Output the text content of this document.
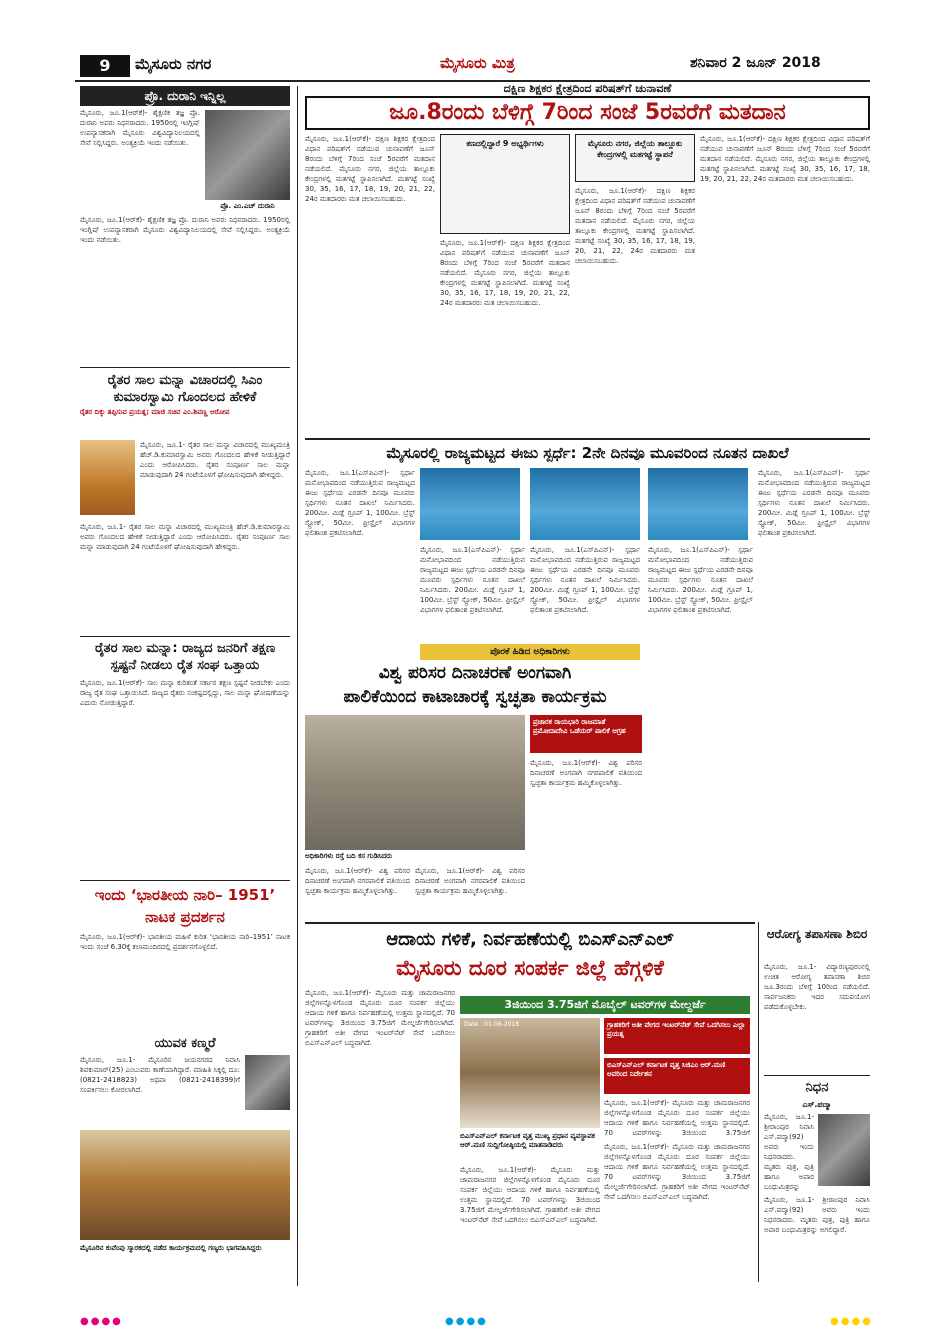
9	ಮೈಸೂರು ನಗರ	ಮೈಸೂರು ಮಿತ್ರ	ಶನಿವಾರ 2 ಜೂನ್ 2018
ಪ್ರೊ. ದುರಾನಿ ಇನ್ನಿಲ್ಲ
ಮೈಸೂರು, ಜೂ.1(ಆರ್‌ಕೆ)- ಶೈಕ್ಷಣಿಕ ತಜ್ಞ ಪ್ರೊ. ದುರಾನಿ ಅವರು ನಿಧನರಾದರು. 1950ರಲ್ಲಿ ಇಂಗ್ಲಿಷ್ ಉಪನ್ಯಾಸಕರಾಗಿ ಮೈಸೂರು ವಿಶ್ವವಿದ್ಯಾನಿಲಯದಲ್ಲಿ ಸೇವೆ ಸಲ್ಲಿಸಿದ್ದರು. ಅಂತ್ಯಕ್ರಿಯೆ ಇಂದು ನಡೆಯಿತು.
ಪ್ರೊ. ಎಂ.ಎಚ್ ದುರಾನಿ
ಮೈಸೂರು, ಜೂ.1(ಆರ್‌ಕೆ)- ಶೈಕ್ಷಣಿಕ ತಜ್ಞ ಪ್ರೊ. ದುರಾನಿ ಅವರು ನಿಧನರಾದರು. 1950ರಲ್ಲಿ ಇಂಗ್ಲಿಷ್ ಉಪನ್ಯಾಸಕರಾಗಿ ಮೈಸೂರು ವಿಶ್ವವಿದ್ಯಾನಿಲಯದಲ್ಲಿ ಸೇವೆ ಸಲ್ಲಿಸಿದ್ದರು. ಅಂತ್ಯಕ್ರಿಯೆ ಇಂದು ನಡೆಯಿತು.
ರೈತರ ಸಾಲ ಮನ್ನಾ ವಿಚಾರದಲ್ಲಿ ಸಿಎಂ ಕುಮಾರಸ್ವಾಮಿ ಗೊಂದಲದ ಹೇಳಿಕೆ
ರೈತರ ದಿಕ್ಕು ತಪ್ಪಿಸುವ ಪ್ರಯತ್ನ; ಮಾಜಿ ಸಚಿವ ಎಂ.ಶಿವಣ್ಣ ಆರೋಪ
ಮೈಸೂರು, ಜೂ.1- ರೈತರ ಸಾಲ ಮನ್ನಾ ವಿಚಾರದಲ್ಲಿ ಮುಖ್ಯಮಂತ್ರಿ ಹೆಚ್.ಡಿ.ಕುಮಾರಸ್ವಾಮಿ ಅವರು ಗೊಂದಲದ ಹೇಳಿಕೆ ನೀಡುತ್ತಿದ್ದಾರೆ ಎಂದು ಆರೋಪಿಸಿದರು. ರೈತರ ಸಂಪೂರ್ಣ ಸಾಲ ಮನ್ನಾ ಮಾಡುವುದಾಗಿ 24 ಗಂಟೆಯೊಳಗೆ ಘೋಷಿಸುವುದಾಗಿ ಹೇಳಿದ್ದರು.
ಮೈಸೂರು, ಜೂ.1- ರೈತರ ಸಾಲ ಮನ್ನಾ ವಿಚಾರದಲ್ಲಿ ಮುಖ್ಯಮಂತ್ರಿ ಹೆಚ್.ಡಿ.ಕುಮಾರಸ್ವಾಮಿ ಅವರು ಗೊಂದಲದ ಹೇಳಿಕೆ ನೀಡುತ್ತಿದ್ದಾರೆ ಎಂದು ಆರೋಪಿಸಿದರು. ರೈತರ ಸಂಪೂರ್ಣ ಸಾಲ ಮನ್ನಾ ಮಾಡುವುದಾಗಿ 24 ಗಂಟೆಯೊಳಗೆ ಘೋಷಿಸುವುದಾಗಿ ಹೇಳಿದ್ದರು.
ರೈತರ ಸಾಲ ಮನ್ನಾ: ರಾಜ್ಯದ ಜನರಿಗೆ ತಕ್ಷಣ ಸ್ಪಷ್ಟನೆ ನೀಡಲು ರೈತ ಸಂಘ ಒತ್ತಾಯ
ಮೈಸೂರು, ಜೂ.1(ಆರ್‌ಕೆ)- ಸಾಲ ಮನ್ನಾ ಕುರಿತಂತೆ ಸರ್ಕಾರ ತಕ್ಷಣ ಸ್ಪಷ್ಟನೆ ನೀಡಬೇಕು ಎಂದು ರಾಜ್ಯ ರೈತ ಸಂಘ ಒತ್ತಾಯಿಸಿದೆ. ರಾಜ್ಯದ ರೈತರು ಸಂಕಷ್ಟದಲ್ಲಿದ್ದು, ಸಾಲ ಮನ್ನಾ ಘೋಷಣೆಯನ್ನು ಎದುರು ನೋಡುತ್ತಿದ್ದಾರೆ.
ಇಂದು ‘ಭಾರತೀಯ ನಾರಿ– 1951’ ನಾಟಕ ಪ್ರದರ್ಶನ
ಮೈಸೂರು, ಜೂ.1(ಆರ್‌ಕೆ)- ಭಾರತೀಯ ಮಹಿಳೆ ಕುರಿತ ‘ಭಾರತೀಯ ನಾರಿ–1951’ ನಾಟಕ ಇಂದು ಸಂಜೆ 6.30ಕ್ಕೆ ಕಲಾಮಂದಿರದಲ್ಲಿ ಪ್ರದರ್ಶನಗೊಳ್ಳಲಿದೆ.
ಯುವಕ ಕಣ್ಮರೆ
ಮೈಸೂರು, ಜೂ.1- ಮೈಸೂರಿನ ಜಯನಗರದ ನಿವಾಸಿ ಶಿವಕುಮಾರ್(25) ಎಂಬುವರು ಕಾಣೆಯಾಗಿದ್ದಾರೆ. ಮಾಹಿತಿ ಸಿಕ್ಕಲ್ಲಿ ದೂ: (0821-2418823) ಅಥವಾ (0821-2418399)ಗೆ ಸಂಪರ್ಕಿಸಲು ಕೋರಲಾಗಿದೆ.
ಮೈಸೂರಿನ ಕುವೆಂಪು ಸ್ಮಾರಕದಲ್ಲಿ ನಡೆದ ಕಾರ್ಯಕ್ರಮದಲ್ಲಿ ಗಣ್ಯರು ಭಾಗವಹಿಸಿದ್ದರು
ದಕ್ಷಿಣ ಶಿಕ್ಷಕರ ಕ್ಷೇತ್ರದಿಂದ ಪರಿಷತ್‌ಗೆ ಚುನಾವಣೆ
ಜೂ.8ರಂದು ಬೆಳಿಗ್ಗೆ 7ರಿಂದ ಸಂಜೆ 5ರವರೆಗೆ ಮತದಾನ
ಕಣದಲ್ಲಿದ್ದಾರೆ 9 ಅಭ್ಯರ್ಥಿಗಳು	ಮೈಸೂರು ನಗರ, ಜಿಲ್ಲೆಯ ತಾಲ್ಲೂಕು ಕೇಂದ್ರಗಳಲ್ಲಿ ಮತಗಟ್ಟೆ ಸ್ಥಾಪನೆ
ಮೈಸೂರು, ಜೂ.1(ಆರ್‌ಕೆ)- ದಕ್ಷಿಣ ಶಿಕ್ಷಕರ ಕ್ಷೇತ್ರದಿಂದ ವಿಧಾನ ಪರಿಷತ್‌ಗೆ ನಡೆಯುವ ಚುನಾವಣೆಗೆ ಜೂನ್ 8ರಂದು ಬೆಳಿಗ್ಗೆ 7ರಿಂದ ಸಂಜೆ 5ರವರೆಗೆ ಮತದಾನ ನಡೆಯಲಿದೆ. ಮೈಸೂರು ನಗರ, ಜಿಲ್ಲೆಯ ತಾಲ್ಲೂಕು ಕೇಂದ್ರಗಳಲ್ಲಿ ಮತಗಟ್ಟೆ ಸ್ಥಾಪಿಸಲಾಗಿದೆ. ಮತಗಟ್ಟೆ ಸಂಖ್ಯೆ 30, 35, 16, 17, 18, 19, 20, 21, 22, 24ರ ಮತದಾರರು ಮತ ಚಲಾಯಿಸಬಹುದು.
ಮೈಸೂರು, ಜೂ.1(ಆರ್‌ಕೆ)- ದಕ್ಷಿಣ ಶಿಕ್ಷಕರ ಕ್ಷೇತ್ರದಿಂದ ವಿಧಾನ ಪರಿಷತ್‌ಗೆ ನಡೆಯುವ ಚುನಾವಣೆಗೆ ಜೂನ್ 8ರಂದು ಬೆಳಿಗ್ಗೆ 7ರಿಂದ ಸಂಜೆ 5ರವರೆಗೆ ಮತದಾನ ನಡೆಯಲಿದೆ. ಮೈಸೂರು ನಗರ, ಜಿಲ್ಲೆಯ ತಾಲ್ಲೂಕು ಕೇಂದ್ರಗಳಲ್ಲಿ ಮತಗಟ್ಟೆ ಸ್ಥಾಪಿಸಲಾಗಿದೆ. ಮತಗಟ್ಟೆ ಸಂಖ್ಯೆ 30, 35, 16, 17, 18, 19, 20, 21, 22, 24ರ ಮತದಾರರು ಮತ ಚಲಾಯಿಸಬಹುದು.
ಮೈಸೂರು, ಜೂ.1(ಆರ್‌ಕೆ)- ದಕ್ಷಿಣ ಶಿಕ್ಷಕರ ಕ್ಷೇತ್ರದಿಂದ ವಿಧಾನ ಪರಿಷತ್‌ಗೆ ನಡೆಯುವ ಚುನಾವಣೆಗೆ ಜೂನ್ 8ರಂದು ಬೆಳಿಗ್ಗೆ 7ರಿಂದ ಸಂಜೆ 5ರವರೆಗೆ ಮತದಾನ ನಡೆಯಲಿದೆ. ಮೈಸೂರು ನಗರ, ಜಿಲ್ಲೆಯ ತಾಲ್ಲೂಕು ಕೇಂದ್ರಗಳಲ್ಲಿ ಮತಗಟ್ಟೆ ಸ್ಥಾಪಿಸಲಾಗಿದೆ. ಮತಗಟ್ಟೆ ಸಂಖ್ಯೆ 30, 35, 16, 17, 18, 19, 20, 21, 22, 24ರ ಮತದಾರರು ಮತ ಚಲಾಯಿಸಬಹುದು.
ಮೈಸೂರು, ಜೂ.1(ಆರ್‌ಕೆ)- ದಕ್ಷಿಣ ಶಿಕ್ಷಕರ ಕ್ಷೇತ್ರದಿಂದ ವಿಧಾನ ಪರಿಷತ್‌ಗೆ ನಡೆಯುವ ಚುನಾವಣೆಗೆ ಜೂನ್ 8ರಂದು ಬೆಳಿಗ್ಗೆ 7ರಿಂದ ಸಂಜೆ 5ರವರೆಗೆ ಮತದಾನ ನಡೆಯಲಿದೆ. ಮೈಸೂರು ನಗರ, ಜಿಲ್ಲೆಯ ತಾಲ್ಲೂಕು ಕೇಂದ್ರಗಳಲ್ಲಿ ಮತಗಟ್ಟೆ ಸ್ಥಾಪಿಸಲಾಗಿದೆ. ಮತಗಟ್ಟೆ ಸಂಖ್ಯೆ 30, 35, 16, 17, 18, 19, 20, 21, 22, 24ರ ಮತದಾರರು ಮತ ಚಲಾಯಿಸಬಹುದು.
ಮೈಸೂರಲ್ಲಿ ರಾಜ್ಯಮಟ್ಟದ ಈಜು ಸ್ಪರ್ಧೆ: 2ನೇ ದಿನವೂ ಮೂವರಿಂದ ನೂತನ ದಾಖಲೆ
ಮೈಸೂರು, ಜೂ.1(ಎಸ್‌ಪಿಎನ್)- ಸ್ಪರ್ಧಾ ಮನೋಭಾವದಿಂದ ನಡೆಯುತ್ತಿರುವ ರಾಜ್ಯಮಟ್ಟದ ಈಜು ಸ್ಪರ್ಧೆಯ ಎರಡನೇ ದಿನವೂ ಮೂವರು ಸ್ಪರ್ಧಿಗಳು ನೂತನ ದಾಖಲೆ ನಿರ್ಮಿಸಿದರು. 200ಮೀ. ಮಿಡ್ಲೆ ಗ್ರೂಪ್ 1, 100ಮೀ. ಬ್ರೆಸ್ಟ್ ಸ್ಟ್ರೋಕ್, 50ಮೀ. ಫ್ರೀಸ್ಟೈಲ್ ವಿಭಾಗಗಳ ಫಲಿತಾಂಶ ಪ್ರಕಟಿಸಲಾಗಿದೆ.
ಮೈಸೂರು, ಜೂ.1(ಎಸ್‌ಪಿಎನ್)- ಸ್ಪರ್ಧಾ ಮನೋಭಾವದಿಂದ ನಡೆಯುತ್ತಿರುವ ರಾಜ್ಯಮಟ್ಟದ ಈಜು ಸ್ಪರ್ಧೆಯ ಎರಡನೇ ದಿನವೂ ಮೂವರು ಸ್ಪರ್ಧಿಗಳು ನೂತನ ದಾಖಲೆ ನಿರ್ಮಿಸಿದರು. 200ಮೀ. ಮಿಡ್ಲೆ ಗ್ರೂಪ್ 1, 100ಮೀ. ಬ್ರೆಸ್ಟ್ ಸ್ಟ್ರೋಕ್, 50ಮೀ. ಫ್ರೀಸ್ಟೈಲ್ ವಿಭಾಗಗಳ ಫಲಿತಾಂಶ ಪ್ರಕಟಿಸಲಾಗಿದೆ.
ಮೈಸೂರು, ಜೂ.1(ಎಸ್‌ಪಿಎನ್)- ಸ್ಪರ್ಧಾ ಮನೋಭಾವದಿಂದ ನಡೆಯುತ್ತಿರುವ ರಾಜ್ಯಮಟ್ಟದ ಈಜು ಸ್ಪರ್ಧೆಯ ಎರಡನೇ ದಿನವೂ ಮೂವರು ಸ್ಪರ್ಧಿಗಳು ನೂತನ ದಾಖಲೆ ನಿರ್ಮಿಸಿದರು. 200ಮೀ. ಮಿಡ್ಲೆ ಗ್ರೂಪ್ 1, 100ಮೀ. ಬ್ರೆಸ್ಟ್ ಸ್ಟ್ರೋಕ್, 50ಮೀ. ಫ್ರೀಸ್ಟೈಲ್ ವಿಭಾಗಗಳ ಫಲಿತಾಂಶ ಪ್ರಕಟಿಸಲಾಗಿದೆ.
ಮೈಸೂರು, ಜೂ.1(ಎಸ್‌ಪಿಎನ್)- ಸ್ಪರ್ಧಾ ಮನೋಭಾವದಿಂದ ನಡೆಯುತ್ತಿರುವ ರಾಜ್ಯಮಟ್ಟದ ಈಜು ಸ್ಪರ್ಧೆಯ ಎರಡನೇ ದಿನವೂ ಮೂವರು ಸ್ಪರ್ಧಿಗಳು ನೂತನ ದಾಖಲೆ ನಿರ್ಮಿಸಿದರು. 200ಮೀ. ಮಿಡ್ಲೆ ಗ್ರೂಪ್ 1, 100ಮೀ. ಬ್ರೆಸ್ಟ್ ಸ್ಟ್ರೋಕ್, 50ಮೀ. ಫ್ರೀಸ್ಟೈಲ್ ವಿಭಾಗಗಳ ಫಲಿತಾಂಶ ಪ್ರಕಟಿಸಲಾಗಿದೆ.
ಮೈಸೂರು, ಜೂ.1(ಎಸ್‌ಪಿಎನ್)- ಸ್ಪರ್ಧಾ ಮನೋಭಾವದಿಂದ ನಡೆಯುತ್ತಿರುವ ರಾಜ್ಯಮಟ್ಟದ ಈಜು ಸ್ಪರ್ಧೆಯ ಎರಡನೇ ದಿನವೂ ಮೂವರು ಸ್ಪರ್ಧಿಗಳು ನೂತನ ದಾಖಲೆ ನಿರ್ಮಿಸಿದರು. 200ಮೀ. ಮಿಡ್ಲೆ ಗ್ರೂಪ್ 1, 100ಮೀ. ಬ್ರೆಸ್ಟ್ ಸ್ಟ್ರೋಕ್, 50ಮೀ. ಫ್ರೀಸ್ಟೈಲ್ ವಿಭಾಗಗಳ ಫಲಿತಾಂಶ ಪ್ರಕಟಿಸಲಾಗಿದೆ.
ಪೊರಕೆ ಹಿಡಿದ ಅಧಿಕಾರಿಗಳು
ವಿಶ್ವ ಪರಿಸರ ದಿನಾಚರಣೆ ಅಂಗವಾಗಿ
ಪಾಲಿಕೆಯಿಂದ ಕಾಟಾಚಾರಕ್ಕೆ ಸ್ವಚ್ಛತಾ ಕಾರ್ಯಕ್ರಮ
ಪ್ರಚಾರಕ ರಾಯಭಾರಿ ರಾಜಮಾತೆ ಪ್ರಮೋದಾದೇವಿ ಒಡೆಯರ್ ಪಾಲಿಕೆ ಆಗ್ರಹ
ಮೈಸೂರು, ಜೂ.1(ಆರ್‌ಕೆ)- ವಿಶ್ವ ಪರಿಸರ ದಿನಾಚರಣೆ ಅಂಗವಾಗಿ ನಗರಪಾಲಿಕೆ ವತಿಯಿಂದ ಸ್ವಚ್ಛತಾ ಕಾರ್ಯಕ್ರಮ ಹಮ್ಮಿಕೊಳ್ಳಲಾಗಿತ್ತು.
ಅಧಿಕಾರಿಗಳು ರಸ್ತೆ ಬದಿ ಕಸ ಗುಡಿಸಿದರು
ಮೈಸೂರು, ಜೂ.1(ಆರ್‌ಕೆ)- ವಿಶ್ವ ಪರಿಸರ ದಿನಾಚರಣೆ ಅಂಗವಾಗಿ ನಗರಪಾಲಿಕೆ ವತಿಯಿಂದ ಸ್ವಚ್ಛತಾ ಕಾರ್ಯಕ್ರಮ ಹಮ್ಮಿಕೊಳ್ಳಲಾಗಿತ್ತು.
ಮೈಸೂರು, ಜೂ.1(ಆರ್‌ಕೆ)- ವಿಶ್ವ ಪರಿಸರ ದಿನಾಚರಣೆ ಅಂಗವಾಗಿ ನಗರಪಾಲಿಕೆ ವತಿಯಿಂದ ಸ್ವಚ್ಛತಾ ಕಾರ್ಯಕ್ರಮ ಹಮ್ಮಿಕೊಳ್ಳಲಾಗಿತ್ತು.
ಆದಾಯ ಗಳಿಕೆ, ನಿರ್ವಹಣೆಯಲ್ಲಿ ಬಿಎಸ್‌ಎನ್‌ಎಲ್
ಮೈಸೂರು ದೂರ ಸಂಪರ್ಕ ಜಿಲ್ಲೆ ಹೆಗ್ಗಳಿಕೆ
ಮೈಸೂರು, ಜೂ.1(ಆರ್‌ಕೆ)- ಮೈಸೂರು ಮತ್ತು ಚಾಮರಾಜನಗರ ಜಿಲ್ಲೆಗಳನ್ನೊಳಗೊಂಡ ಮೈಸೂರು ದೂರ ಸಂಪರ್ಕ ಜಿಲ್ಲೆಯು ಆದಾಯ ಗಳಿಕೆ ಹಾಗೂ ನಿರ್ವಹಣೆಯಲ್ಲಿ ಉತ್ತಮ ಸ್ಥಾನದಲ್ಲಿದೆ. 70 ಟವರ್‌ಗಳನ್ನು 3ಜಿಯಿಂದ 3.75ಜಿಗೆ ಮೇಲ್ದರ್ಜೆಗೇರಿಸಲಾಗಿದೆ. ಗ್ರಾಹಕರಿಗೆ ಅತೀ ವೇಗದ ಇಂಟರ್‌ನೆಟ್ ಸೇವೆ ಒದಗಿಸಲು ಬಿಎಸ್‌ಎನ್‌ಎಲ್ ಬದ್ಧವಾಗಿದೆ.
3ಜಿಯಿಂದ 3.75ಜಿಗೆ ಮೊಬೈಲ್ ಟವರ್‌ಗಳ ಮೇಲ್ದರ್ಜೆ
Date : 01-06-2018	ಗ್ರಾಹಕರಿಗೆ ಅತೀ ವೇಗದ ಇಂಟರ್‌ನೆಟ್ ಸೇವೆ ಒದಗಿಸಲು ಎಲ್ಲಾ ಪ್ರಯತ್ನ
ಬಿಎಸ್‌ಎನ್‌ಎಲ್ ಕರ್ನಾಟಕ ವೃತ್ತ ಸಿಜಿಎಂ ಆರ್.ಮಣಿ ಅವರಿಂದ ನಿರ್ದೇಶನ
ಮೈಸೂರು, ಜೂ.1(ಆರ್‌ಕೆ)- ಮೈಸೂರು ಮತ್ತು ಚಾಮರಾಜನಗರ ಜಿಲ್ಲೆಗಳನ್ನೊಳಗೊಂಡ ಮೈಸೂರು ದೂರ ಸಂಪರ್ಕ ಜಿಲ್ಲೆಯು ಆದಾಯ ಗಳಿಕೆ ಹಾಗೂ ನಿರ್ವಹಣೆಯಲ್ಲಿ ಉತ್ತಮ ಸ್ಥಾನದಲ್ಲಿದೆ. 70 ಟವರ್‌ಗಳನ್ನು 3ಜಿಯಿಂದ 3.75ಜಿಗೆ
ಬಿಎಸ್‌ಎನ್‌ಎಲ್ ಕರ್ನಾಟಕ ವೃತ್ತ ಮುಖ್ಯ ಪ್ರಧಾನ ವ್ಯವಸ್ಥಾಪಕ ಆರ್.ಮಣಿ ಸುದ್ದಿಗೋಷ್ಠಿಯಲ್ಲಿ ಮಾತನಾಡಿದರು
ಮೈಸೂರು, ಜೂ.1(ಆರ್‌ಕೆ)- ಮೈಸೂರು ಮತ್ತು ಚಾಮರಾಜನಗರ ಜಿಲ್ಲೆಗಳನ್ನೊಳಗೊಂಡ ಮೈಸೂರು ದೂರ ಸಂಪರ್ಕ ಜಿಲ್ಲೆಯು ಆದಾಯ ಗಳಿಕೆ ಹಾಗೂ ನಿರ್ವಹಣೆಯಲ್ಲಿ ಉತ್ತಮ ಸ್ಥಾನದಲ್ಲಿದೆ. 70 ಟವರ್‌ಗಳನ್ನು 3ಜಿಯಿಂದ 3.75ಜಿಗೆ ಮೇಲ್ದರ್ಜೆಗೇರಿಸಲಾಗಿದೆ. ಗ್ರಾಹಕರಿಗೆ ಅತೀ ವೇಗದ ಇಂಟರ್‌ನೆಟ್ ಸೇವೆ ಒದಗಿಸಲು ಬಿಎಸ್‌ಎನ್‌ಎಲ್ ಬದ್ಧವಾಗಿದೆ.
ಮೈಸೂರು, ಜೂ.1(ಆರ್‌ಕೆ)- ಮೈಸೂರು ಮತ್ತು ಚಾಮರಾಜನಗರ ಜಿಲ್ಲೆಗಳನ್ನೊಳಗೊಂಡ ಮೈಸೂರು ದೂರ ಸಂಪರ್ಕ ಜಿಲ್ಲೆಯು ಆದಾಯ ಗಳಿಕೆ ಹಾಗೂ ನಿರ್ವಹಣೆಯಲ್ಲಿ ಉತ್ತಮ ಸ್ಥಾನದಲ್ಲಿದೆ. 70 ಟವರ್‌ಗಳನ್ನು 3ಜಿಯಿಂದ 3.75ಜಿಗೆ ಮೇಲ್ದರ್ಜೆಗೇರಿಸಲಾಗಿದೆ. ಗ್ರಾಹಕರಿಗೆ ಅತೀ ವೇಗದ ಇಂಟರ್‌ನೆಟ್ ಸೇವೆ ಒದಗಿಸಲು ಬಿಎಸ್‌ಎನ್‌ಎಲ್ ಬದ್ಧವಾಗಿದೆ.
ಆರೋಗ್ಯ ತಪಾಸಣಾ ಶಿಬಿರ
ಮೈಸೂರು, ಜೂ.1- ವಿದ್ಯಾರಣ್ಯಪುರಂನಲ್ಲಿ ಉಚಿತ ಆರೋಗ್ಯ ತಪಾಸಣಾ ಶಿಬಿರ ಜೂ.3ರಂದು ಬೆಳಿಗ್ಗೆ 10ರಿಂದ ನಡೆಯಲಿದೆ. ಸಾರ್ವಜನಿಕರು ಇದರ ಸದುಪಯೋಗ ಪಡೆದುಕೊಳ್ಳಬೇಕು.
ನಿಧನ
ಎಸ್.ಪದ್ಮಾ
ಮೈಸೂರು, ಜೂ.1- ಶ್ರೀರಾಂಪುರ ನಿವಾಸಿ ಎಸ್.ಪದ್ಮಾ(92) ಅವರು ಇಂದು ನಿಧನರಾದರು. ಮೃತರು ಪುತ್ರ, ಪುತ್ರಿ ಹಾಗೂ ಅಪಾರ ಬಂಧುಮಿತ್ರರನ್ನು
ಮೈಸೂರು, ಜೂ.1- ಶ್ರೀರಾಂಪುರ ನಿವಾಸಿ ಎಸ್.ಪದ್ಮಾ(92) ಅವರು ಇಂದು ನಿಧನರಾದರು. ಮೃತರು ಪುತ್ರ, ಪುತ್ರಿ ಹಾಗೂ ಅಪಾರ ಬಂಧುಮಿತ್ರರನ್ನು ಅಗಲಿದ್ದಾರೆ.
●●●●	●●●●	●●●●
